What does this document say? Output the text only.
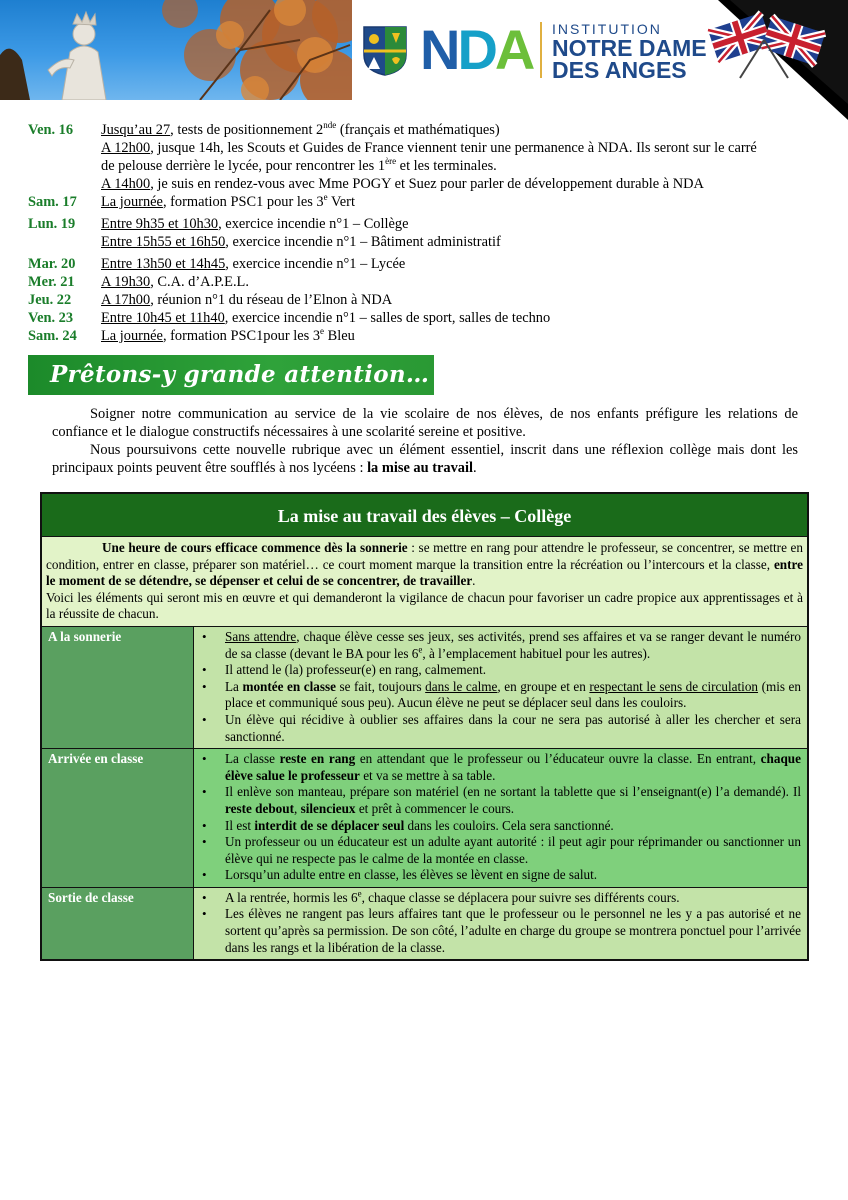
NDA INSTITUTION
NOTRE DAME
DES ANGES
Ven. 16	Jusqu’au 27, tests de positionnement 2nde (français et mathématiques)
A 12h00, jusque 14h, les Scouts et Guides de France viennent tenir une permanence à NDA. Ils seront sur le carré
de pelouse derrière le lycée, pour rencontrer les 1ère et les terminales.
A 14h00, je suis en rendez-vous avec Mme POGY et Suez pour parler de développement durable à NDA
Sam. 17	La journée, formation PSC1 pour les 3e Vert
Lun. 19	Entre 9h35 et 10h30, exercice incendie n°1 – Collège
Entre 15h55 et 16h50, exercice incendie n°1 – Bâtiment administratif
Mar. 20	Entre 13h50 et 14h45, exercice incendie n°1 – Lycée
Mer. 21	A 19h30, C.A. d’A.P.E.L.
Jeu. 22	A 17h00, réunion n°1 du réseau de l’Elnon à NDA
Ven. 23	Entre 10h45 et 11h40, exercice incendie n°1 – salles de sport, salles de techno
Sam. 24	La journée, formation PSC1pour les 3e Bleu
Prêtons-y grande attention… N°1

Soigner notre communication au service de la vie scolaire de nos élèves, de nos enfants préfigure les relations de confiance et le dialogue constructifs nécessaires à une scolarité sereine et positive.

Nous poursuivons cette nouvelle rubrique avec un élément essentiel, inscrit dans une réflexion collège mais dont les principaux points peuvent être soufflés à nos lycéens : la mise au travail.

La mise au travail des élèves – Collège
Une heure de cours efficace commence dès la sonnerie : se mettre en rang pour attendre le professeur, se concentrer, se mettre en condition, entrer en classe, préparer son matériel… ce court moment marque la transition entre la récréation ou l’intercours et la classe, entre le moment de se détendre, se dépenser et celui de se concentrer, de travailler.
Voici les éléments qui seront mis en œuvre et qui demanderont la vigilance de chacun pour favoriser un cadre propice aux apprentissages et à la réussite de chacun.
A la sonnerie	• Sans attendre, chaque élève cesse ses jeux, ses activités, prend ses affaires et va se ranger devant le numéro de sa classe (devant le BA pour les 6e, à l’emplacement habituel pour les autres).
• Il attend le (la) professeur(e) en rang, calmement.
• La montée en classe se fait, toujours dans le calme, en groupe et en respectant le sens de circulation (mis en place et communiqué sous peu). Aucun élève ne peut se déplacer seul dans les couloirs.
• Un élève qui récidive à oublier ses affaires dans la cour ne sera pas autorisé à aller les chercher et sera sanctionné.
Arrivée en classe	• La classe reste en rang en attendant que le professeur ou l’éducateur ouvre la classe. En entrant, chaque élève salue le professeur et va se mettre à sa table.
• Il enlève son manteau, prépare son matériel (en ne sortant la tablette que si l’enseignant(e) l’a demandé). Il reste debout, silencieux et prêt à commencer le cours.
• Il est interdit de se déplacer seul dans les couloirs. Cela sera sanctionné.
• Un professeur ou un éducateur est un adulte ayant autorité : il peut agir pour réprimander ou sanctionner un élève qui ne respecte pas le calme de la montée en classe.
• Lorsqu’un adulte entre en classe, les élèves se lèvent en signe de salut.
Sortie de classe	• A la rentrée, hormis les 6e, chaque classe se déplacera pour suivre ses différents cours.
• Les élèves ne rangent pas leurs affaires tant que le professeur ou le personnel ne les y a pas autorisé et ne sortent qu’après sa permission. De son côté, l’adulte en charge du groupe se montrera ponctuel pour l’arrivée dans les rangs et la libération de la classe.
